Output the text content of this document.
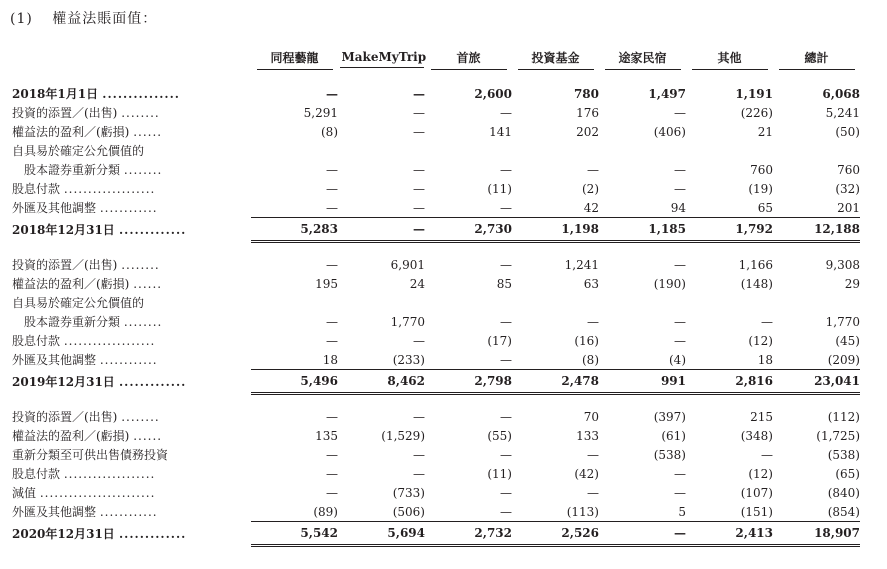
(1) 權益法賬面值：
	同程藝龍	MakeMyTrip	首旅	投資基金	途家民宿	其他	總計

2018年1月1日 ...............	—	—	2,600	780	1,497	1,191	6,068
投資的添置／(出售) ........	5,291	—	—	176	—	(226)	5,241
權益法的盈利／(虧損) ......	(8)	—	141	202	(406)	21	(50)
自具易於確定公允價值的							
股本證券重新分類 ........	—	—	—	—	—	760	760
股息付款 ...................	—	—	(11)	(2)	—	(19)	(32)
外匯及其他調整 ............	—	—	—	42	94	65	201
2018年12月31日 .............	5,283	—	2,730	1,198	1,185	1,792	12,188

投資的添置／(出售) ........	—	6,901	—	1,241	—	1,166	9,308
權益法的盈利／(虧損) ......	195	24	85	63	(190)	(148)	29
自具易於確定公允價值的							
股本證券重新分類 ........	—	1,770	—	—	—	—	1,770
股息付款 ...................	—	—	(17)	(16)	—	(12)	(45)
外匯及其他調整 ............	18	(233)	—	(8)	(4)	18	(209)
2019年12月31日 .............	5,496	8,462	2,798	2,478	991	2,816	23,041

投資的添置／(出售) ........	—	—	—	70	(397)	215	(112)
權益法的盈利／(虧損) ......	135	(1,529)	(55)	133	(61)	(348)	(1,725)
重新分類至可供出售債務投資	—	—	—	—	(538)	—	(538)
股息付款 ...................	—	—	(11)	(42)	—	(12)	(65)
減值 ........................	—	(733)	—	—	—	(107)	(840)
外匯及其他調整 ............	(89)	(506)	—	(113)	5	(151)	(854)
2020年12月31日 .............	5,542	5,694	2,732	2,526	—	2,413	18,907
